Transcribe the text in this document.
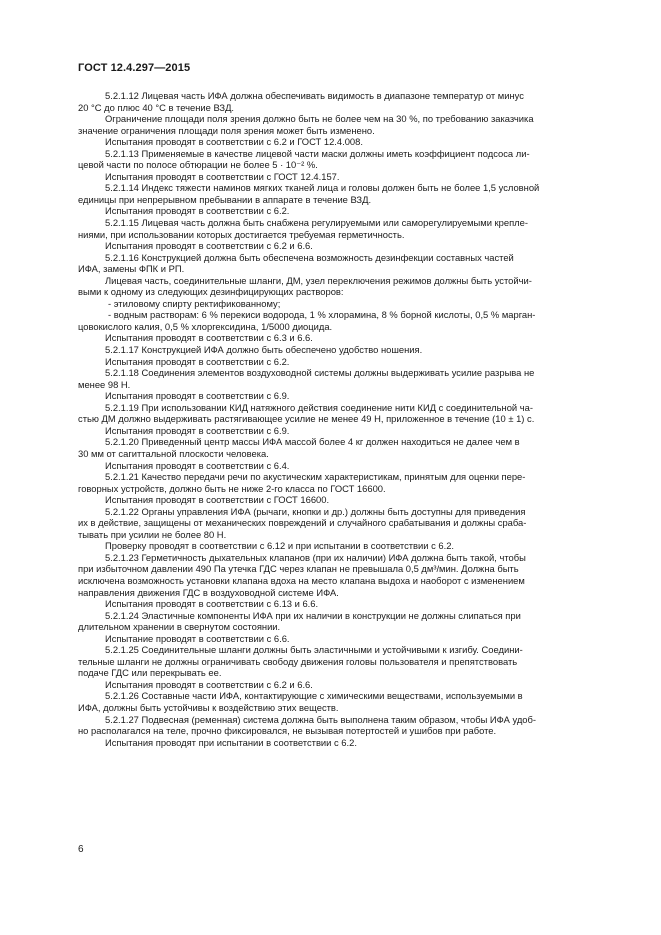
ГОСТ 12.4.297—2015
5.2.1.12 Лицевая часть ИФА должна обеспечивать видимость в диапазоне температур от минус
20 °С до плюс 40 °С в течение ВЗД.
Ограничение площади поля зрения должно быть не более чем на 30 %, по требованию заказчика
значение ограничения площади поля зрения может быть изменено.
Испытания проводят в соответствии с 6.2 и ГОСТ 12.4.008.
5.2.1.13 Применяемые в качестве лицевой части маски должны иметь коэффициент подсоса ли-
цевой части по полосе обтюрации не более 5 · 10⁻² %.
Испытания проводят в соответствии с ГОСТ 12.4.157.
5.2.1.14 Индекс тяжести наминов мягких тканей лица и головы должен быть не более 1,5 условной
единицы при непрерывном пребывании в аппарате в течение ВЗД.
Испытания проводят в соответствии с 6.2.
5.2.1.15 Лицевая часть должна быть снабжена регулируемыми или саморегулируемыми крепле-
ниями, при использовании которых достигается требуемая герметичность.
Испытания проводят в соответствии с 6.2 и 6.6.
5.2.1.16 Конструкцией должна быть обеспечена возможность дезинфекции составных частей
ИФА, замены ФПК и РП.
Лицевая часть, соединительные шланги, ДМ, узел переключения режимов должны быть устойчи-
выми к одному из следующих дезинфицирующих растворов:
- этиловому спирту ректификованному;
- водным растворам: 6 % перекиси водорода, 1 % хлорамина, 8 % борной кислоты, 0,5 % марган-
цовокислого калия, 0,5 % хлоргексидина, 1/5000 диоцида.
Испытания проводят в соответствии с 6.3 и 6.6.
5.2.1.17 Конструкцией ИФА должно быть обеспечено удобство ношения.
Испытания проводят в соответствии с 6.2.
5.2.1.18 Соединения элементов воздуховодной системы должны выдерживать усилие разрыва не
менее 98 Н.
Испытания проводят в соответствии с 6.9.
5.2.1.19 При использовании КИД натяжного действия соединение нити КИД с соединительной ча-
стью ДМ должно выдерживать растягивающее усилие не менее 49 Н, приложенное в течение (10 ± 1) с.
Испытания проводят в соответствии с 6.9.
5.2.1.20 Приведенный центр массы ИФА массой более 4 кг должен находиться не далее чем в
30 мм от сагиттальной плоскости человека.
Испытания проводят в соответствии с 6.4.
5.2.1.21 Качество передачи речи по акустическим характеристикам, принятым для оценки пере-
говорных устройств, должно быть не ниже 2-го класса по ГОСТ 16600.
Испытания проводят в соответствии с ГОСТ 16600.
5.2.1.22 Органы управления ИФА (рычаги, кнопки и др.) должны быть доступны для приведения
их в действие, защищены от механических повреждений и случайного срабатывания и должны сраба-
тывать при усилии не более 80 Н.
Проверку проводят в соответствии с 6.12 и при испытании в соответствии с 6.2.
5.2.1.23 Герметичность дыхательных клапанов (при их наличии) ИФА должна быть такой, чтобы
при избыточном давлении 490 Па утечка ГДС через клапан не превышала 0,5 дм³/мин. Должна быть
исключена возможность установки клапана вдоха на место клапана выдоха и наоборот с изменением
направления движения ГДС в воздуховодной системе ИФА.
Испытания проводят в соответствии с 6.13 и 6.6.
5.2.1.24 Эластичные компоненты ИФА при их наличии в конструкции не должны слипаться при
длительном хранении в свернутом состоянии.
Испытание проводят в соответствии с 6.6.
5.2.1.25 Соединительные шланги должны быть эластичными и устойчивыми к изгибу. Соедини-
тельные шланги не должны ограничивать свободу движения головы пользователя и препятствовать
подаче ГДС или перекрывать ее.
Испытания проводят в соответствии с 6.2 и 6.6.
5.2.1.26 Составные части ИФА, контактирующие с химическими веществами, используемыми в
ИФА, должны быть устойчивы к воздействию этих веществ.
5.2.1.27 Подвесная (ременная) система должна быть выполнена таким образом, чтобы ИФА удоб-
но располагался на теле, прочно фиксировался, не вызывая потертостей и ушибов при работе.
Испытания проводят при испытании в соответствии с 6.2.
6
